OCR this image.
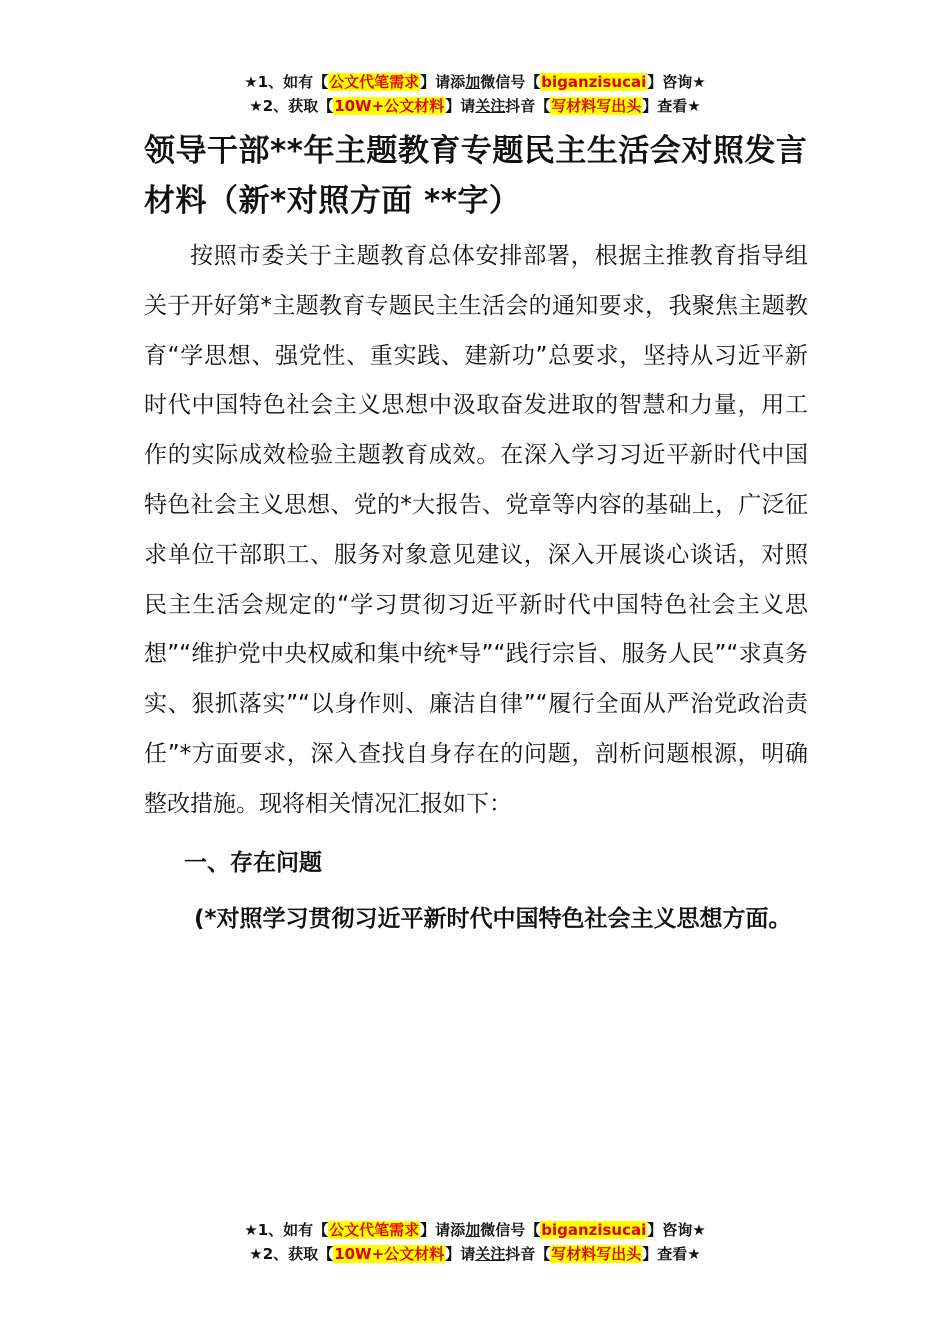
★1、如有【公文代笔需求】请添加微信号【biganzisucai】咨询★
★2、获取【10W+公文材料】请关注抖音【写材料写出头】查看★
领导干部**年主题教育专题民主生活会对照发言材料（新*对照方面 **字）

按照市委关于主题教育总体安排部署，根据主推教育指导组关于开好第*主题教育专题民主生活会的通知要求，我聚焦主题教育“学思想、强党性、重实践、建新功”总要求，坚持从习近平新时代中国特色社会主义思想中汲取奋发进取的智慧和力量，用工作的实际成效检验主题教育成效。在深入学习习近平新时代中国特色社会主义思想、党的*大报告、党章等内容的基础上，广泛征求单位干部职工、服务对象意见建议，深入开展谈心谈话，对照民主生活会规定的“学习贯彻习近平新时代中国特色社会主义思想”“维护党中央权威和集中统*导”“践行宗旨、服务人民”“求真务实、狠抓落实”“以身作则、廉洁自律”“履行全面从严治党政治责任”*方面要求，深入查找自身存在的问题，剖析问题根源，明确整改措施。现将相关情况汇报如下：

一、存在问题

(*对照学习贯彻习近平新时代中国特色社会主义思想方面。

★1、如有【公文代笔需求】请添加微信号【biganzisucai】咨询★
★2、获取【10W+公文材料】请关注抖音【写材料写出头】查看★
